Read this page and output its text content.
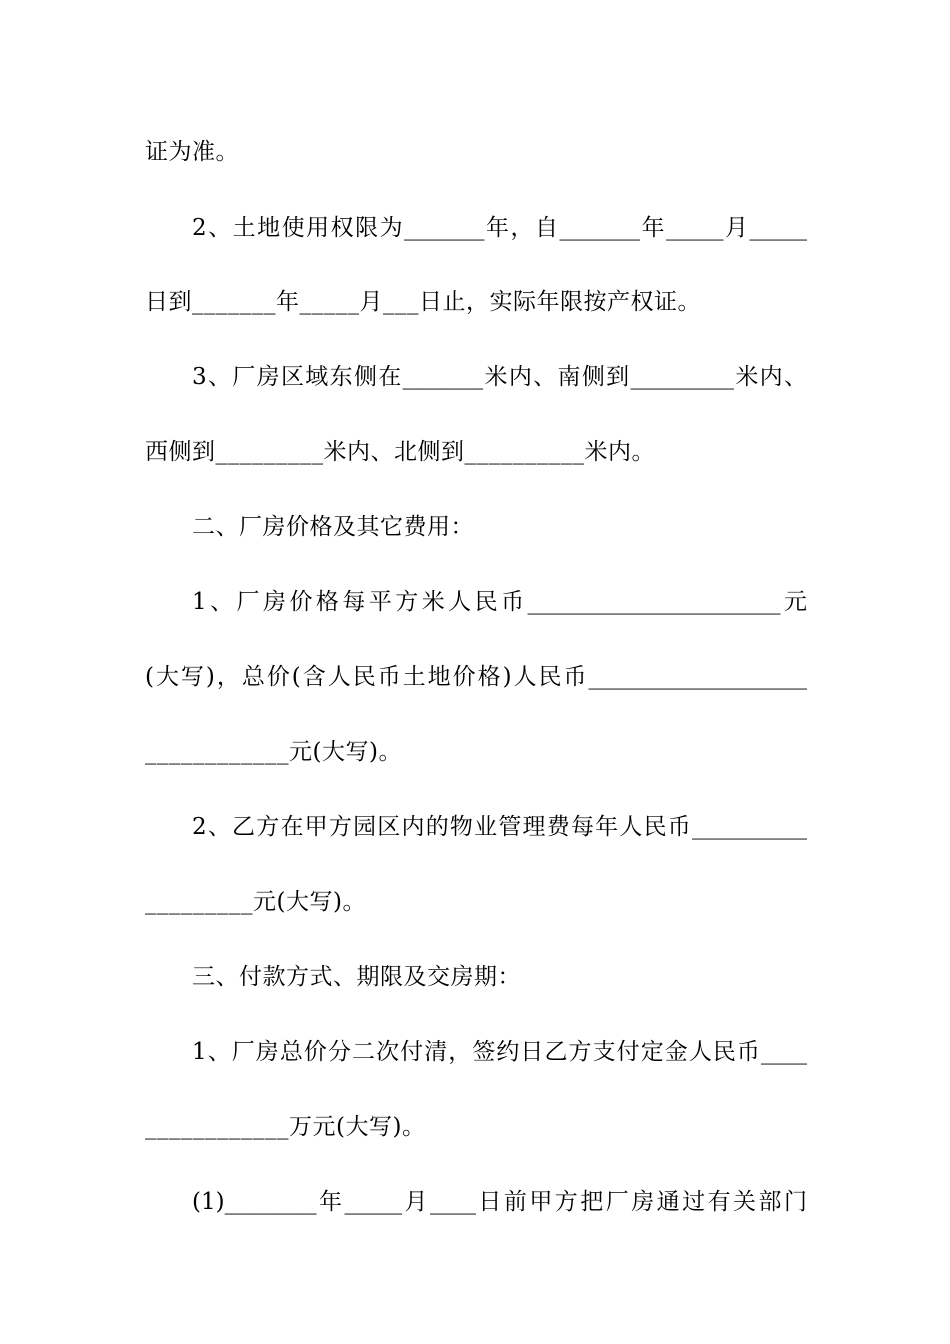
证为准。
2、土地使用权限为_______年，自_______年_____月_____
日到_______年_____月___日止，实际年限按产权证。
3、厂房区域东侧在_______米内、南侧到_________米内、
西侧到_________米内、北侧到__________米内。
二、厂房价格及其它费用：
1、厂房价格每平方米人民币______________________元
(大写)，总价(含人民币土地价格)人民币___________________
____________元(大写)。
2、乙方在甲方园区内的物业管理费每年人民币__________
_________元(大写)。
三、付款方式、期限及交房期：
1、厂房总价分二次付清，签约日乙方支付定金人民币____
____________万元(大写)。
(1)________年_____月____日前甲方把厂房通过有关部门
